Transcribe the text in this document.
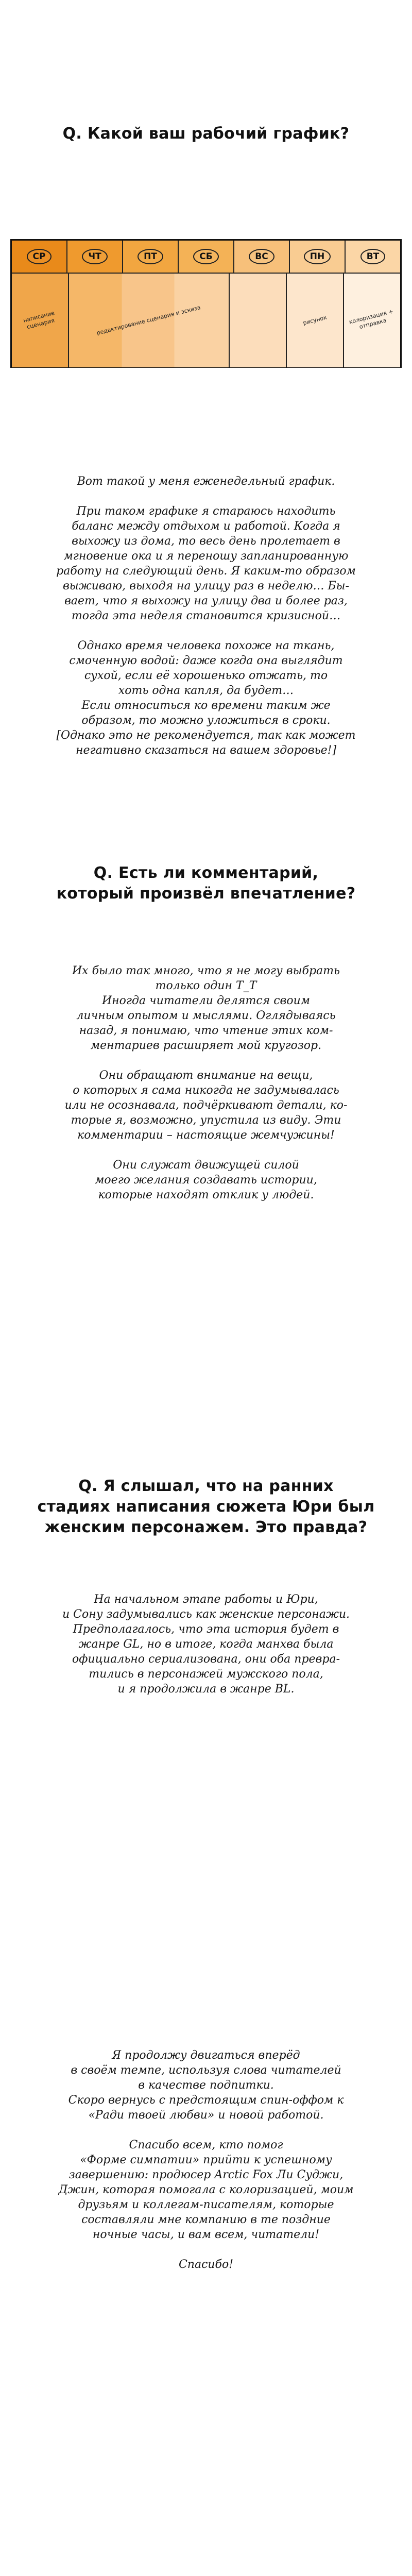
Q. Какой ваш рабочий график?
СР	ЧТ	ПТ	СБ	ВС	ПН	ВТ
написание сценария	редактирование сценария и эскиза	рисунок	колоризация + отправка
Вот такой у меня еженедельный график.

При таком графике я стараюсь находить
баланс между отдыхом и работой. Когда я
выхожу из дома, то весь день пролетает в
мгновение ока и я переношу запланированную
работу на следующий день. Я каким-то образом
выживаю, выходя на улицу раз в неделю… Бы-
вает, что я выхожу на улицу два и более раз,
тогда эта неделя становится кризисной…

Однако время человека похоже на ткань,
смоченную водой: даже когда она выглядит
сухой, если её хорошенько отжать, то
хоть одна капля, да будет…
Если относиться ко времени таким же
образом, то можно уложиться в сроки.
[Однако это не рекомендуется, так как может
негативно сказаться на вашем здоровье!]
Q. Есть ли комментарий,
который произвёл впечатление?
Их было так много, что я не могу выбрать
только один Т_Т
Иногда читатели делятся своим
личным опытом и мыслями. Оглядываясь
назад, я понимаю, что чтение этих ком-
ментариев расширяет мой кругозор.

Они обращают внимание на вещи,
о которых я сама никогда не задумывалась
или не осознавала, подчёркивают детали, ко-
торые я, возможно, упустила из виду. Эти
комментарии – настоящие жемчужины!

Они служат движущей силой
моего желания создавать истории,
которые находят отклик у людей.
Q. Я слышал, что на ранних
стадиях написания сюжета Юри был
женским персонажем. Это правда?
На начальном этапе работы и Юри,
и Сону задумывались как женские персонажи.
Предполагалось, что эта история будет в
жанре GL, но в итоге, когда манхва была
официально сериализована, они оба превра-
тились в персонажей мужского пола,
и я продолжила в жанре BL.
Я продолжу двигаться вперёд
в своём темпе, используя слова читателей
в качестве подпитки.
Скоро вернусь с предстоящим спин-оффом к
«Ради твоей любви» и новой работой.

Спасибо всем, кто помог
«Форме симпатии» прийти к успешному
завершению: продюсер Arctic Fox Ли Суджи,
Джин, которая помогала с колоризацией, моим
друзьям и коллегам-писателям, которые
составляли мне компанию в те поздние
ночные часы, и вам всем, читатели!

Спасибо!
